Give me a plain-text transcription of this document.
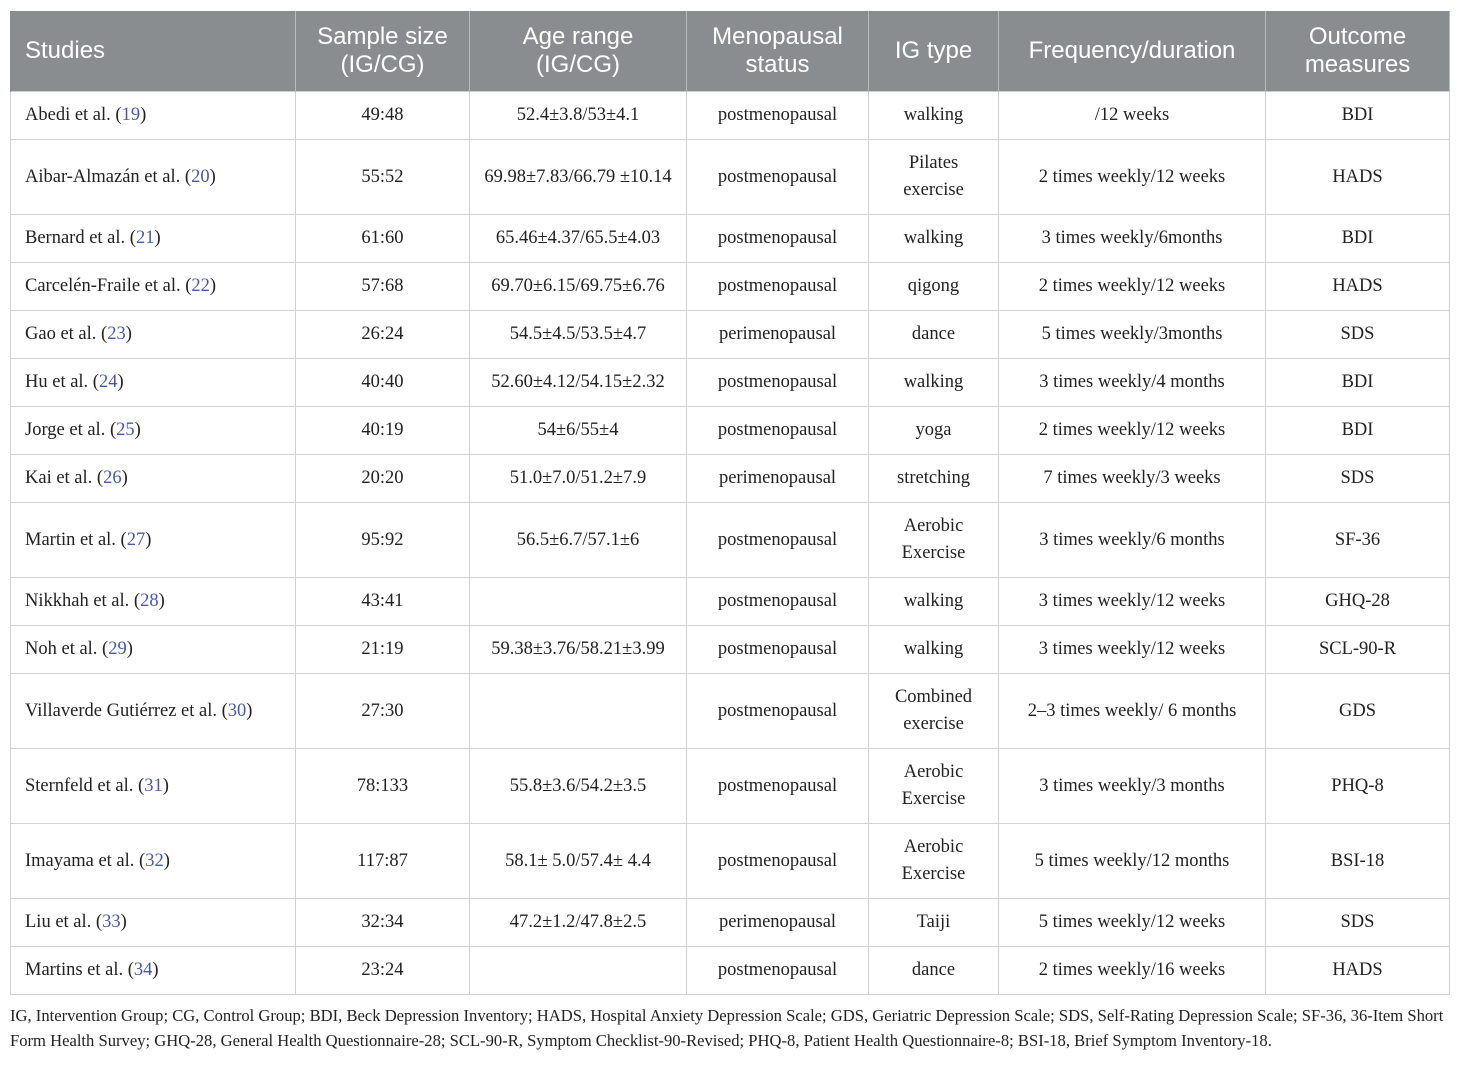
Studies	Sample size (IG/CG)	Age range (IG/CG)	Menopausal status	IG type	Frequency/duration	Outcome measures
Abedi et al. (19)	49:48	52.4±3.8/53±4.1	postmenopausal	walking	/12 weeks	BDI
Aibar-Almazán et al. (20)	55:52	69.98±7.83/66.79 ±10.14	postmenopausal	Pilates exercise	2 times weekly/12 weeks	HADS
Bernard et al. (21)	61:60	65.46±4.37/65.5±4.03	postmenopausal	walking	3 times weekly/6months	BDI
Carcelén-Fraile et al. (22)	57:68	69.70±6.15/69.75±6.76	postmenopausal	qigong	2 times weekly/12 weeks	HADS
Gao et al. (23)	26:24	54.5±4.5/53.5±4.7	perimenopausal	dance	5 times weekly/3months	SDS
Hu et al. (24)	40:40	52.60±4.12/54.15±2.32	postmenopausal	walking	3 times weekly/4 months	BDI
Jorge et al. (25)	40:19	54±6/55±4	postmenopausal	yoga	2 times weekly/12 weeks	BDI
Kai et al. (26)	20:20	51.0±7.0/51.2±7.9	perimenopausal	stretching	7 times weekly/3 weeks	SDS
Martin et al. (27)	95:92	56.5±6.7/57.1±6	postmenopausal	Aerobic Exercise	3 times weekly/6 months	SF-36
Nikkhah et al. (28)	43:41		postmenopausal	walking	3 times weekly/12 weeks	GHQ-28
Noh et al. (29)	21:19	59.38±3.76/58.21±3.99	postmenopausal	walking	3 times weekly/12 weeks	SCL-90-R
Villaverde Gutiérrez et al. (30)	27:30		postmenopausal	Combined exercise	2–3 times weekly/ 6 months	GDS
Sternfeld et al. (31)	78:133	55.8±3.6/54.2±3.5	postmenopausal	Aerobic Exercise	3 times weekly/3 months	PHQ-8
Imayama et al. (32)	117:87	58.1± 5.0/57.4± 4.4	postmenopausal	Aerobic Exercise	5 times weekly/12 months	BSI-18
Liu et al. (33)	32:34	47.2±1.2/47.8±2.5	perimenopausal	Taiji	5 times weekly/12 weeks	SDS
Martins et al. (34)	23:24		postmenopausal	dance	2 times weekly/16 weeks	HADS
IG, Intervention Group; CG, Control Group; BDI, Beck Depression Inventory; HADS, Hospital Anxiety Depression Scale; GDS, Geriatric Depression Scale; SDS, Self-Rating Depression Scale; SF-36, 36-Item Short Form Health Survey; GHQ-28, General Health Questionnaire-28; SCL-90-R, Symptom Checklist-90-Revised; PHQ-8, Patient Health Questionnaire-8; BSI-18, Brief Symptom Inventory-18.
